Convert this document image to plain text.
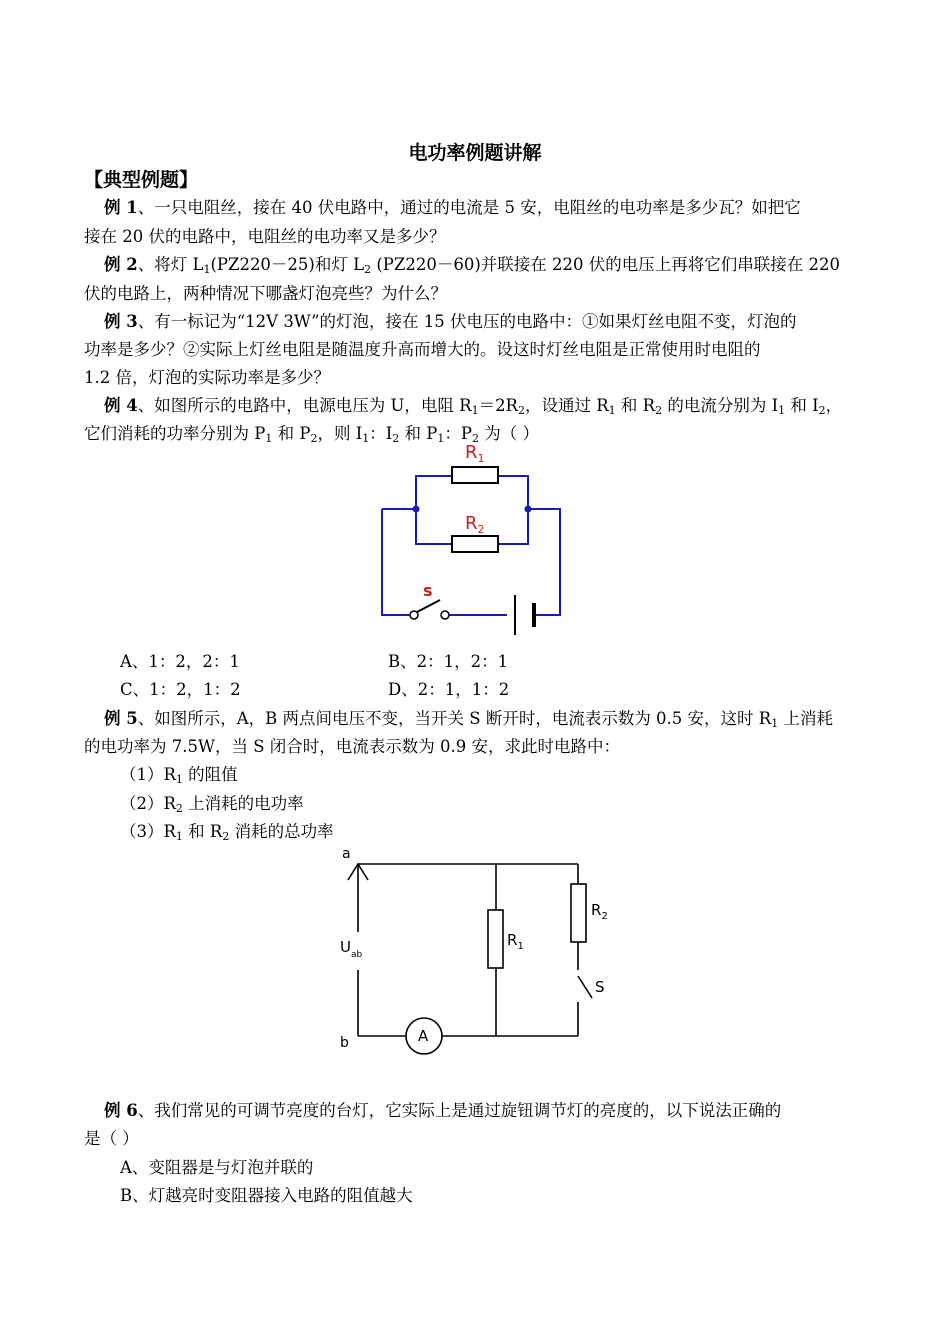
电功率例题讲解
【典型例题】
例 1、一只电阻丝，接在 40 伏电路中，通过的电流是 5 安，电阻丝的电功率是多少瓦？如把它
接在 20 伏的电路中，电阻丝的电功率又是多少？
例 2、将灯 $L_1(PZ220-25)$和灯 $L_2$ (PZ220－60)并联接在 220 伏的电压上再将它们串联接在 220
伏的电路上，两种情况下哪盏灯泡亮些？为什么？
例 3、有一标记为“12V 3W”的灯泡，接在 15 伏电压的电路中：①如果灯丝电阻不变，灯泡的
功率是多少？②实际上灯丝电阻是随温度升高而增大的。设这时灯丝电阻是正常使用时电阻的
1.2 倍，灯泡的实际功率是多少？
例 4、如图所示的电路中，电源电压为 U，电阻 $R_1=2R_2$，设通过 $R_1$ 和 $R_2$ 的电流分别为 $I_1$ 和 $I_2$，
它们消耗的功率分别为 $P_1$ 和 $P_2$，则 $I_1$：$I_2$ 和 $P_1$：$P_2$ 为（ ）
$R_1$
$R_2$
s
A、1：2，2：1	B、2：1，2：1
C、1：2，1：2	D、2：1，1：2
例 5、如图所示，A，B 两点间电压不变，当开关 S 断开时，电流表示数为 0.5 安，这时 $R_1$ 上消耗
的电功率为 7.5W，当 S 闭合时，电流表示数为 0.9 安，求此时电路中：
$(1)R_1$ 的阻值
$(2)R_2$ 上消耗的电功率
$(3)R_1$ 和 $R_2$ 消耗的总功率
a
b
$U_{ab}$
$R_1$
$R_2$
S
A
例 6、我们常见的可调节亮度的台灯，它实际上是通过旋钮调节灯的亮度的，以下说法正确的
是（ ）
A、变阻器是与灯泡并联的
B、灯越亮时变阻器接入电路的阻值越大
